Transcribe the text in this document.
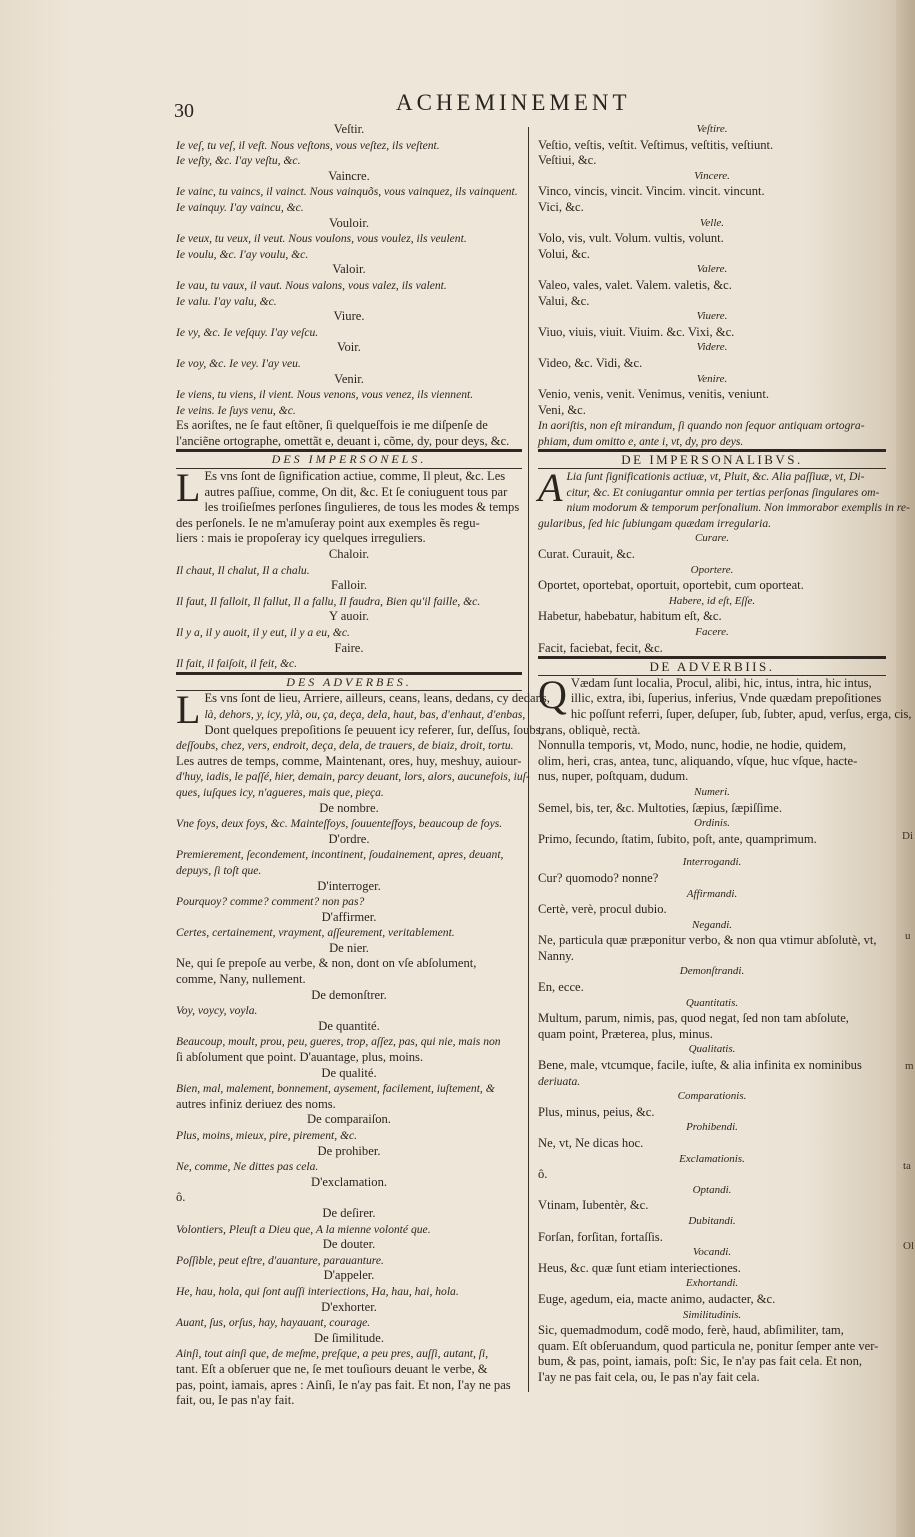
Di
u
m
ta
Ol
30	ACHEMINEMENT

Veſtir.

Ie veſ, tu veſ, il veſt. Nous veſtons, vous veſtez, ils veſtent.

Ie veſty, &c. I'ay veſtu, &c.

Vaincre.

Ie vainc, tu vaincs, il vainct. Nous vainquõs, vous vainquez, ils vainquent.

Ie vainquy. I'ay vaincu, &c.

Vouloir.

Ie veux, tu veux, il veut. Nous voulons, vous voulez, ils veulent.

Ie voulu, &c. I'ay voulu, &c.

Valoir.

Ie vau, tu vaux, il vaut. Nous valons, vous valez, ils valent.

Ie valu. I'ay valu, &c.

Viure.

Ie vy, &c. Ie veſquy. I'ay veſcu.

Voir.

Ie voy, &c. Ie vey. I'ay veu.

Venir.

Ie viens, tu viens, il vient. Nous venons, vous venez, ils viennent.

Ie veins. Ie ſuys venu, &c.

Es aoriſtes, ne ſe faut eſtõner, ſi quelqueſfois ie me diſpenſe de

l'anciẽne ortographe, omettãt e, deuant i, cõme, dy, pour deys, &c.

DES IMPERSONELS.

L Es vns ſont de ſignification actiue, comme, Il pleut, &c. Les

autres paſſiue, comme, On dit, &c. Et ſe coniuguent tous par

les troiſieſmes perſones ſingulieres, de tous les modes & temps

des perſonels. Ie ne m'amuſeray point aux exemples ẽs regu-

liers : mais ie propoſeray icy quelques irreguliers.

Chaloir.

Il chaut, Il chalut, Il a chalu.

Falloir.

Il faut, Il falloit, Il fallut, Il a fallu, Il faudra, Bien qu'il faille, &c.

Y auoir.

Il y a, il y auoit, il y eut, il y a eu, &c.

Faire.

Il fait, il faiſoit, il feit, &c.

DES ADVERBES.

L Es vns ſont de lieu, Arriere, ailleurs, ceans, leans, dedans, cy dedans,

là, dehors, y, icy, ylà, ou, ça, deça, dela, haut, bas, d'enhaut, d'enbas,

Dont quelques prepoſitions ſe peuuent icy referer, ſur, deſſus, ſoubs,

deſſoubs, chez, vers, endroit, deça, dela, de trauers, de biaiz, droit, tortu.

Les autres de temps, comme, Maintenant, ores, huy, meshuy, auiour-

d'huy, iadis, le paſſé, hier, demain, parcy deuant, lors, alors, aucunefois, iuſ-

ques, iuſques icy, n'agueres, mais que, pieça.

De nombre.

Vne foys, deux foys, &c. Mainteſfoys, ſouuenteſfoys, beaucoup de foys.

D'ordre.

Premierement, ſecondement, incontinent, ſoudainement, apres, deuant,

depuys, ſi toſt que.

D'interroger.

Pourquoy? comme? comment? non pas?

D'affirmer.

Certes, certainement, vrayment, aſſeurement, veritablement.

De nier.

Ne, qui ſe prepoſe au verbe, & non, dont on vſe abſolument,

comme, Nany, nullement.

De demonſtrer.

Voy, voycy, voyla.

De quantité.

Beaucoup, moult, prou, peu, gueres, trop, aſſez, pas, qui nie, mais non

ſi abſolument que point. D'auantage, plus, moins.

De qualité.

Bien, mal, malement, bonnement, aysement, facilement, iuſtement, &

autres infiniz deriuez des noms.

De comparaiſon.

Plus, moins, mieux, pire, pirement, &c.

De prohiber.

Ne, comme, Ne dittes pas cela.

D'exclamation.

ô.

De deſirer.

Volontiers, Pleuſt a Dieu que, A la mienne volonté que.

De douter.

Poſſible, peut eſtre, d'auanture, parauanture.

D'appeler.

He, hau, hola, qui ſont auſſi interiections, Ha, hau, hai, hola.

D'exhorter.

Auant, ſus, orſus, hay, hayauant, courage.

De ſimilitude.

Ainſi, tout ainſi que, de meſme, preſque, a peu pres, auſſi, autant, ſi,

tant. Eſt a obſeruer que ne, ſe met touſiours deuant le verbe, &

pas, point, iamais, apres : Ainſi, Ie n'ay pas fait. Et non, I'ay ne pas

fait, ou, Ie pas n'ay fait.

Veſtire.

Veſtio, veſtis, veſtit. Veſtimus, veſtitis, veſtiunt.

Veſtiui, &c.

Vincere.

Vinco, vincis, vincit. Vincim. vincit. vincunt.

Vici, &c.

Velle.

Volo, vis, vult. Volum. vultis, volunt.

Volui, &c.

Valere.

Valeo, vales, valet. Valem. valetis, &c.

Valui, &c.

Viuere.

Viuo, viuis, viuit. Viuim. &c. Vixi, &c.

Videre.

Video, &c. Vidi, &c.

Venire.

Venio, venis, venit. Venimus, venitis, veniunt.

Veni, &c.

In aoriſtis, non eſt mirandum, ſi quando non ſequor antiquam ortogra-

phiam, dum omitto e, ante i, vt, dy, pro deys.

DE IMPERSONALIBVS.

A Lia ſunt ſignificationis actiuæ, vt, Pluit, &c. Alia paſſiuæ, vt, Di-

citur, &c. Et coniugantur omnia per tertias perſonas ſingulares om-

nium modorum & temporum perſonalium. Non immorabor exemplis in re-

gularibus, ſed hic ſubiungam quædam irregularia.

Curare.

Curat. Curauit, &c.

Oportere.

Oportet, oportebat, oportuit, oportebit, cum oporteat.

Habere, id eſt, Eſſe.

Habetur, habebatur, habitum eſt, &c.

Facere.

Facit, faciebat, fecit, &c.

DE ADVERBIIS.

Q Vædam ſunt localia, Procul, alibi, hic, intus, intra, hic intus,

illic, extra, ibi, ſuperius, inferius, Vnde quædam prepoſitiones

hic poſſunt referri, ſuper, deſuper, ſub, ſubter, apud, verſus, erga, cis,

trans, obliquè, rectà.

Nonnulla temporis, vt, Modo, nunc, hodie, ne hodie, quidem,

olim, heri, cras, antea, tunc, aliquando, vſque, huc vſque, hacte-

nus, nuper, poſtquam, dudum.

Numeri.

Semel, bis, ter, &c. Multoties, ſæpius, ſæpiſſime.

Ordinis.

Primo, ſecundo, ſtatim, ſubito, poſt, ante, quamprimum.

Interrogandi.

Cur? quomodo? nonne?

Affirmandi.

Certè, verè, procul dubio.

Negandi.

Ne, particula quæ præponitur verbo, & non qua vtimur abſolutè, vt,

Nanny.

Demonſtrandi.

En, ecce.

Quantitatis.

Multum, parum, nimis, pas, quod negat, ſed non tam abſolute,

quam point, Præterea, plus, minus.

Qualitatis.

Bene, male, vtcumque, facile, iuſte, & alia infinita ex nominibus

deriuata.

Comparationis.

Plus, minus, peius, &c.

Prohibendi.

Ne, vt, Ne dicas hoc.

Exclamationis.

ô.

Optandi.

Vtinam, Iubentèr, &c.

Dubitandi.

Forſan, forſitan, fortaſſis.

Vocandi.

Heus, &c. quæ ſunt etiam interiectiones.

Exhortandi.

Euge, agedum, eia, macte animo, audacter, &c.

Similitudinis.

Sic, quemadmodum, codẽ modo, ferè, haud, abſimiliter, tam,

quam. Eſt obſeruandum, quod particula ne, ponitur ſemper ante ver-

bum, & pas, point, iamais, poſt: Sic, Ie n'ay pas fait cela. Et non,

I'ay ne pas fait cela, ou, Ie pas n'ay fait cela.
